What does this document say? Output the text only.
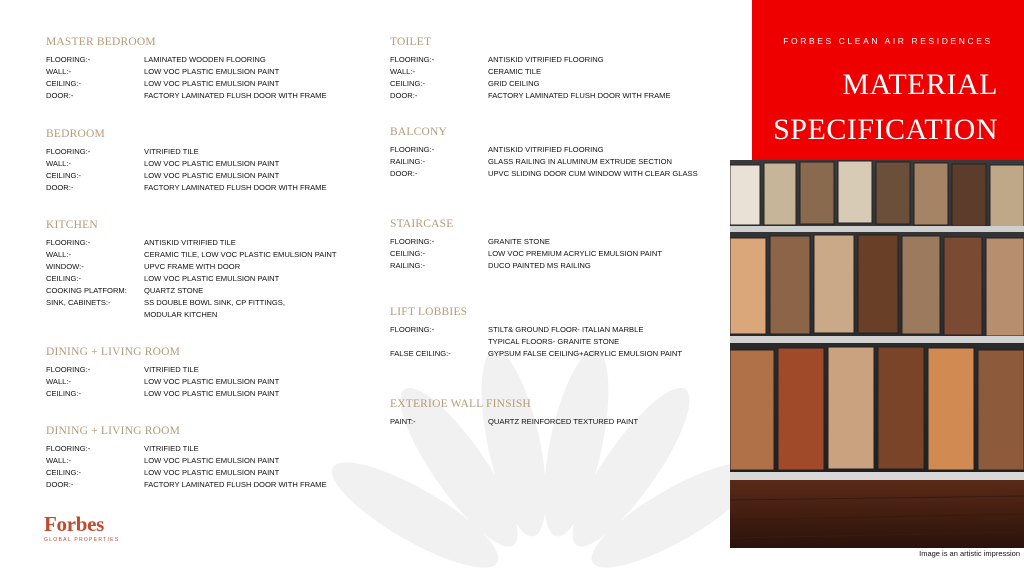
MASTER BEDROOM
FLOORING:-	LAMINATED WOODEN FLOORING
WALL:-	LOW VOC PLASTIC EMULSION PAINT
CEILING:-	LOW VOC PLASTIC EMULSION PAINT
DOOR:-	FACTORY LAMINATED FLUSH DOOR WITH FRAME
BEDROOM
FLOORING:-	VITRIFIED TILE
WALL:-	LOW VOC PLASTIC EMULSION PAINT
CEILING:-	LOW VOC PLASTIC EMULSION PAINT
DOOR:-	FACTORY LAMINATED FLUSH DOOR WITH FRAME
KITCHEN
FLOORING:-	ANTISKID VITRIFIED TILE
WALL:-	CERAMIC TILE, LOW VOC PLASTIC EMULSION PAINT
WINDOW:-	UPVC FRAME WITH DOOR
CEILING:-	LOW VOC PLASTIC EMULSION PAINT
COOKING PLATFORM:	QUARTZ STONE
SINK, CABINETS:-	SS DOUBLE BOWL SINK, CP FITTINGS,
MODULAR KITCHEN
DINING + LIVING ROOM
FLOORING:-	VITRIFIED TILE
WALL:-	LOW VOC PLASTIC EMULSION PAINT
CEILING:-	LOW VOC PLASTIC EMULSION PAINT
DINING + LIVING ROOM
FLOORING:-	VITRIFIED TILE
WALL:-	LOW VOC PLASTIC EMULSION PAINT
CEILING:-	LOW VOC PLASTIC EMULSION PAINT
DOOR:-	FACTORY LAMINATED FLUSH DOOR WITH FRAME
TOILET
FLOORING:-	ANTISKID VITRIFIED FLOORING
WALL:-	CERAMIC TILE
CEILING:-	GRID CEILING
DOOR:-	FACTORY LAMINATED FLUSH DOOR WITH FRAME
BALCONY
FLOORING:-	ANTISKID VITRIFIED FLOORING
RAILING:-	GLASS RAILING IN ALUMINUM EXTRUDE SECTION
DOOR:-	UPVC SLIDING DOOR CUM WINDOW WITH CLEAR GLASS
STAIRCASE
FLOORING:-	GRANITE STONE
CEILING:-	LOW VOC PREMIUM ACRYLIC EMULSION PAINT
RAILING:-	DUCO PAINTED MS RAILING
LIFT LOBBIES
FLOORING:-	STILT& GROUND FLOOR- ITALIAN MARBLE
TYPICAL FLOORS- GRANITE STONE
FALSE CEILING:-	GYPSUM FALSE CEILING+ACRYLIC EMULSION PAINT
EXTERIOE WALL FINSISH
PAINT:-	QUARTZ REINFORCED TEXTURED PAINT
FORBES CLEAN AIR RESIDENCES
MATERIAL
SPECIFICATION
Image is an artistic impression
Forbes
GLOBAL PROPERTIES
